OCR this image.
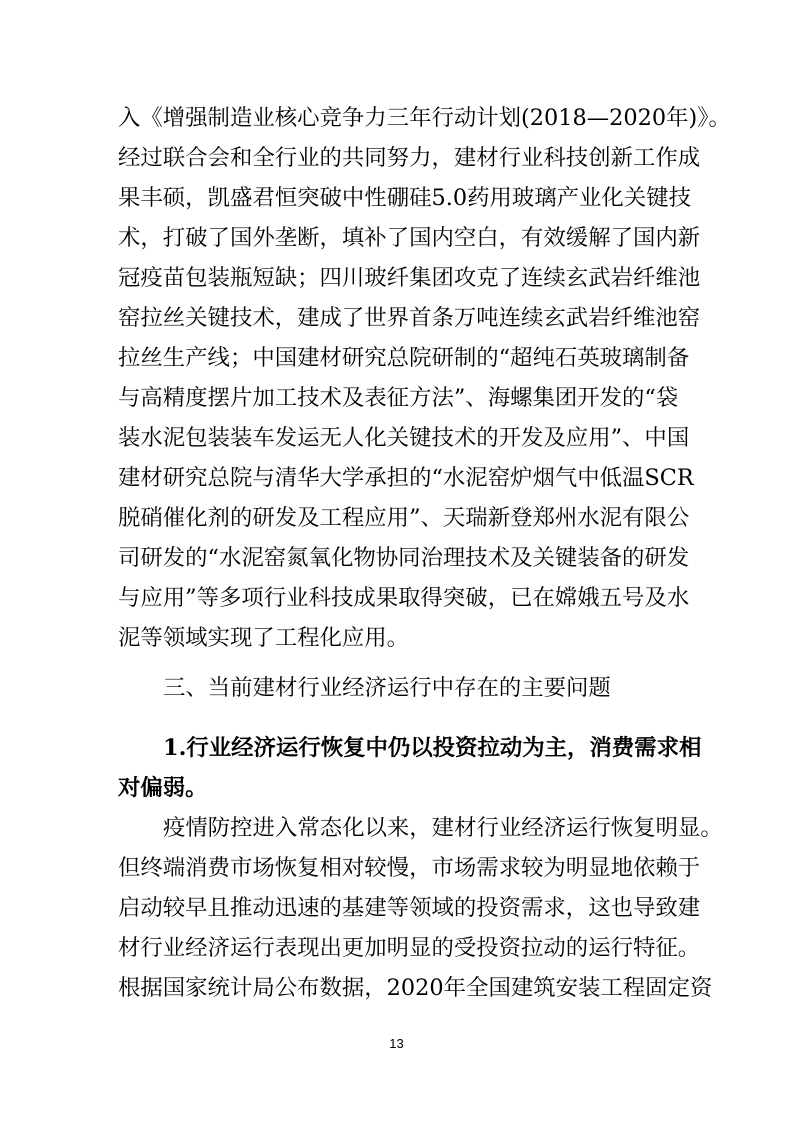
入《增强制造业核心竞争力三年行动计划(2018—2020年)》。
经过联合会和全行业的共同努力，建材行业科技创新工作成
果丰硕，凯盛君恒突破中性硼硅5.0药用玻璃产业化关键技
术，打破了国外垄断，填补了国内空白，有效缓解了国内新
冠疫苗包装瓶短缺；四川玻纤集团攻克了连续玄武岩纤维池
窑拉丝关键技术，建成了世界首条万吨连续玄武岩纤维池窑
拉丝生产线；中国建材研究总院研制的“超纯石英玻璃制备
与高精度摆片加工技术及表征方法”、海螺集团开发的“袋
装水泥包装装车发运无人化关键技术的开发及应用”、中国
建材研究总院与清华大学承担的“水泥窑炉烟气中低温SCR
脱硝催化剂的研发及工程应用”、天瑞新登郑州水泥有限公
司研发的“水泥窑氮氧化物协同治理技术及关键装备的研发
与应用”等多项行业科技成果取得突破，已在嫦娥五号及水
泥等领域实现了工程化应用。
三、当前建材行业经济运行中存在的主要问题
1.行业经济运行恢复中仍以投资拉动为主，消费需求相
对偏弱。
疫情防控进入常态化以来，建材行业经济运行恢复明显。
但终端消费市场恢复相对较慢，市场需求较为明显地依赖于
启动较早且推动迅速的基建等领域的投资需求，这也导致建
材行业经济运行表现出更加明显的受投资拉动的运行特征。
根据国家统计局公布数据，2020年全国建筑安装工程固定资
13
